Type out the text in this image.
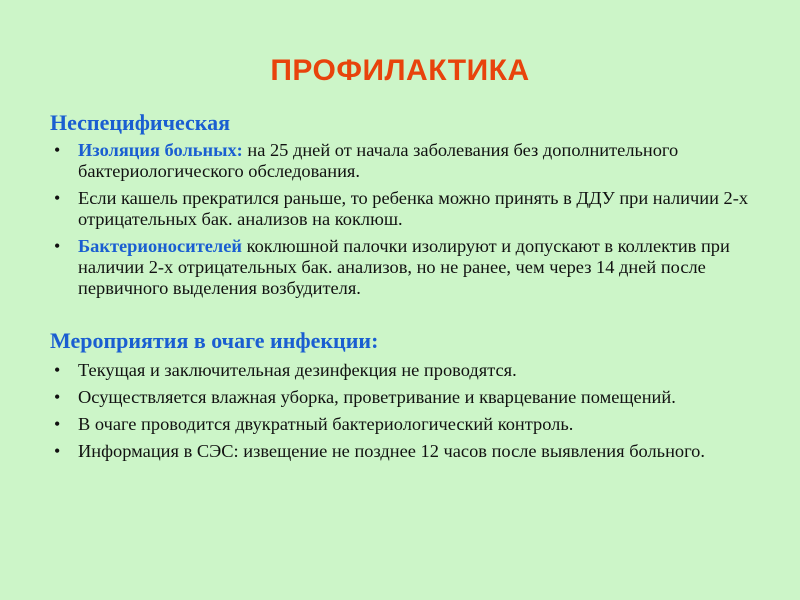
ПРОФИЛАКТИКА
Неспецифическая
• Изоляция больных: на 25 дней от начала заболевания без дополнительного бактериологического обследования.
• Если кашель прекратился раньше, то ребенка можно принять в ДДУ при наличии 2-х отрицательных бак. анализов на коклюш.
• Бактерионосителей коклюшной палочки изолируют и допускают в коллектив при наличии 2-х отрицательных бак. анализов, но не ранее, чем через 14 дней после первичного выделения возбудителя.
Мероприятия в очаге инфекции:
• Текущая и заключительная дезинфекция не проводятся.
• Осуществляется влажная уборка, проветривание и кварцевание помещений.
• В очаге проводится двукратный бактериологический контроль.
• Информация в СЭС: извещение не позднее 12 часов после выявления больного.
